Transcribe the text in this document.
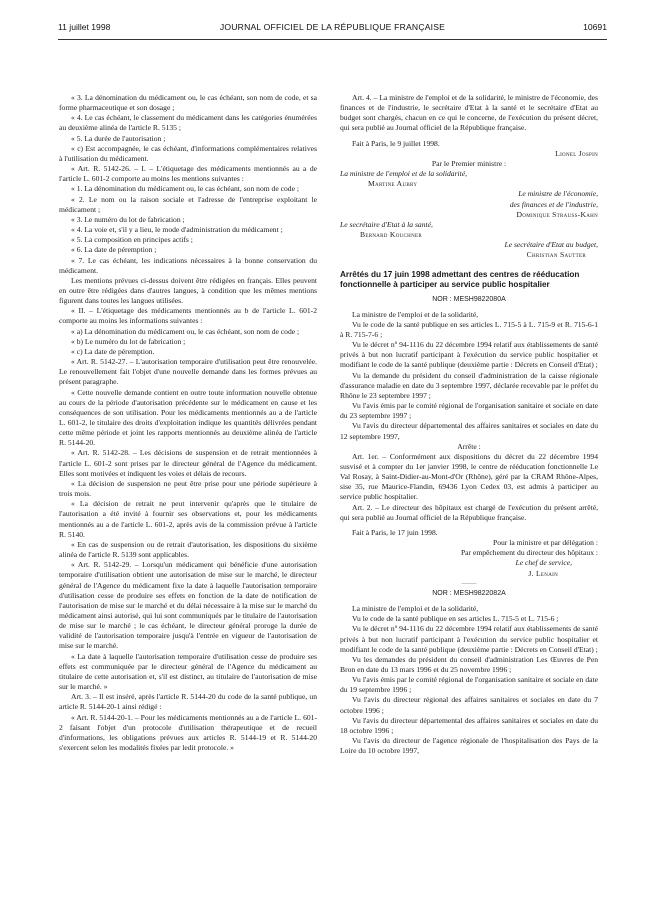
11 juillet 1998	JOURNAL OFFICIEL DE LA RÉPUBLIQUE FRANÇAISE	10691

« 3. La dénomination du médicament ou, le cas échéant, son nom de code, et sa forme pharmaceutique et son dosage ;

« 4. Le cas échéant, le classement du médicament dans les catégories énumérées au deuxième alinéa de l'article R. 5135 ;

« 5. La durée de l'autorisation ;

« c) Est accompagnée, le cas échéant, d'informations complémentaires relatives à l'utilisation du médicament.

« Art. R. 5142-26. – I. – L'étiquetage des médicaments mentionnés au a de l'article L. 601-2 comporte au moins les mentions suivantes :

« 1. La dénomination du médicament ou, le cas échéant, son nom de code ;

« 2. Le nom ou la raison sociale et l'adresse de l'entreprise exploitant le médicament ;

« 3. Le numéro du lot de fabrication ;

« 4. La voie et, s'il y a lieu, le mode d'administration du médicament ;

« 5. La composition en principes actifs ;

« 6. La date de péremption ;

« 7. Le cas échéant, les indications nécessaires à la bonne conservation du médicament.

Les mentions prévues ci-dessus doivent être rédigées en français. Elles peuvent en outre être rédigées dans d'autres langues, à condition que les mêmes mentions figurent dans toutes les langues utilisées.

« II. – L'étiquetage des médicaments mentionnés au b de l'article L. 601-2 comporte au moins les informations suivantes :

« a) La dénomination du médicament ou, le cas échéant, son nom de code ;

« b) Le numéro du lot de fabrication ;

« c) La date de péremption.

« Art. R. 5142-27. – L'autorisation temporaire d'utilisation peut être renouvelée. Le renouvellement fait l'objet d'une nouvelle demande dans les formes prévues au présent paragraphe.

« Cette nouvelle demande contient en outre toute information nouvelle obtenue au cours de la période d'autorisation précédente sur le médicament en cause et les conséquences de son utilisation. Pour les médicaments mentionnés au a de l'article L. 601-2, le titulaire des droits d'exploitation indique les quantités délivrées pendant cette même période et joint les rapports mentionnés au deuxième alinéa de l'article R. 5144-20.

« Art. R. 5142-28. – Les décisions de suspension et de retrait mentionnées à l'article L. 601-2 sont prises par le directeur général de l'Agence du médicament. Elles sont motivées et indiquent les voies et délais de recours.

« La décision de suspension ne peut être prise pour une période supérieure à trois mois.

« La décision de retrait ne peut intervenir qu'après que le titulaire de l'autorisation a été invité à fournir ses observations et, pour les médicaments mentionnés au a de l'article L. 601-2, après avis de la commission prévue à l'article R. 5140.

« En cas de suspension ou de retrait d'autorisation, les dispositions du sixième alinéa de l'article R. 5139 sont applicables.

« Art. R. 5142-29. – Lorsqu'un médicament qui bénéficie d'une autorisation temporaire d'utilisation obtient une autorisation de mise sur le marché, le directeur général de l'Agence du médicament fixe la date à laquelle l'autorisation temporaire d'utilisation cesse de produire ses effets en fonction de la date de notification de l'autorisation de mise sur le marché et du délai nécessaire à la mise sur le marché du médicament ainsi autorisé, qui lui sont communiqués par le titulaire de l'autorisation de mise sur le marché ; le cas échéant, le directeur général proroge la durée de validité de l'autorisation temporaire jusqu'à l'entrée en vigueur de l'autorisation de mise sur le marché.

« La date à laquelle l'autorisation temporaire d'utilisation cesse de produire ses effets est communiquée par le directeur général de l'Agence du médicament au titulaire de cette autorisation et, s'il est distinct, au titulaire de l'autorisation de mise sur le marché. »

Art. 3. – Il est inséré, après l'article R. 5144-20 du code de la santé publique, un article R. 5144-20-1 ainsi rédigé :

« Art. R. 5144-20-1. – Pour les médicaments mentionnés au a de l'article L. 601-2 faisant l'objet d'un protocole d'utilisation thérapeutique et de recueil d'informations, les obligations prévues aux articles R. 5144-19 et R. 5144-20 s'exercent selon les modalités fixées par ledit protocole. »

Art. 4. – La ministre de l'emploi et de la solidarité, le ministre de l'économie, des finances et de l'industrie, le secrétaire d'Etat à la santé et le secrétaire d'Etat au budget sont chargés, chacun en ce qui le concerne, de l'exécution du présent décret, qui sera publié au Journal officiel de la République française.

Fait à Paris, le 9 juillet 1998.

Lionel Jospin

Par le Premier ministre :

La ministre de l'emploi et de la solidarité,

Martine Aubry

Le ministre de l'économie,

des finances et de l'industrie,

Dominique Strauss-Kahn

Le secrétaire d'Etat à la santé,

Bernard Kouchner

Le secrétaire d'Etat au budget,

Christian Sautter

Arrêtés du 17 juin 1998 admettant des centres de rééducation fonctionnelle à participer au service public hospitalier

NOR : MESH9822080A

La ministre de l'emploi et de la solidarité,

Vu le code de la santé publique en ses articles L. 715-5 à L. 715-9 et R. 715-6-1 à R. 715-7-6 ;

Vu le décret nº 94-1116 du 22 décembre 1994 relatif aux établissements de santé privés à but non lucratif participant à l'exécution du service public hospitalier et modifiant le code de la santé publique (deuxième partie : Décrets en Conseil d'Etat) ;

Vu la demande du président du conseil d'administration de la caisse régionale d'assurance maladie en date du 3 septembre 1997, déclarée recevable par le préfet du Rhône le 23 septembre 1997 ;

Vu l'avis émis par le comité régional de l'organisation sanitaire et sociale en date du 23 septembre 1997 ;

Vu l'avis du directeur départemental des affaires sanitaires et sociales en date du 12 septembre 1997,

Arrête :

Art. 1er. – Conformément aux dispositions du décret du 22 décembre 1994 susvisé et à compter du 1er janvier 1998, le centre de rééducation fonctionnelle Le Val Rosay, à Saint-Didier-au-Mont-d'Or (Rhône), géré par la CRAM Rhône-Alpes, sise 35, rue Maurice-Flandin, 69436 Lyon Cedex 03, est admis à participer au service public hospitalier.

Art. 2. – Le directeur des hôpitaux est chargé de l'exécution du présent arrêté, qui sera publié au Journal officiel de la République française.

Fait à Paris, le 17 juin 1998.

Pour la ministre et par délégation :

Par empêchement du directeur des hôpitaux :

Le chef de service,

J. Lenain

–––––

NOR : MESH9822082A

La ministre de l'emploi et de la solidarité,

Vu le code de la santé publique en ses articles L. 715-5 et L. 715-6 ;

Vu le décret nº 94-1116 du 22 décembre 1994 relatif aux établissements de santé privés à but non lucratif participant à l'exécution du service public hospitalier et modifiant le code de la santé publique (deuxième partie : Décrets en Conseil d'Etat) ;

Vu les demandes du président du conseil d'administration Les Œuvres de Pen Bron en date du 13 mars 1996 et du 25 novembre 1996 ;

Vu l'avis émis par le comité régional de l'organisation sanitaire et sociale en date du 19 septembre 1996 ;

Vu l'avis du directeur régional des affaires sanitaires et sociales en date du 7 octobre 1996 ;

Vu l'avis du directeur départemental des affaires sanitaires et sociales en date du 18 octobre 1996 ;

Vu l'avis du directeur de l'agence régionale de l'hospitalisation des Pays de la Loire du 10 octobre 1997,
